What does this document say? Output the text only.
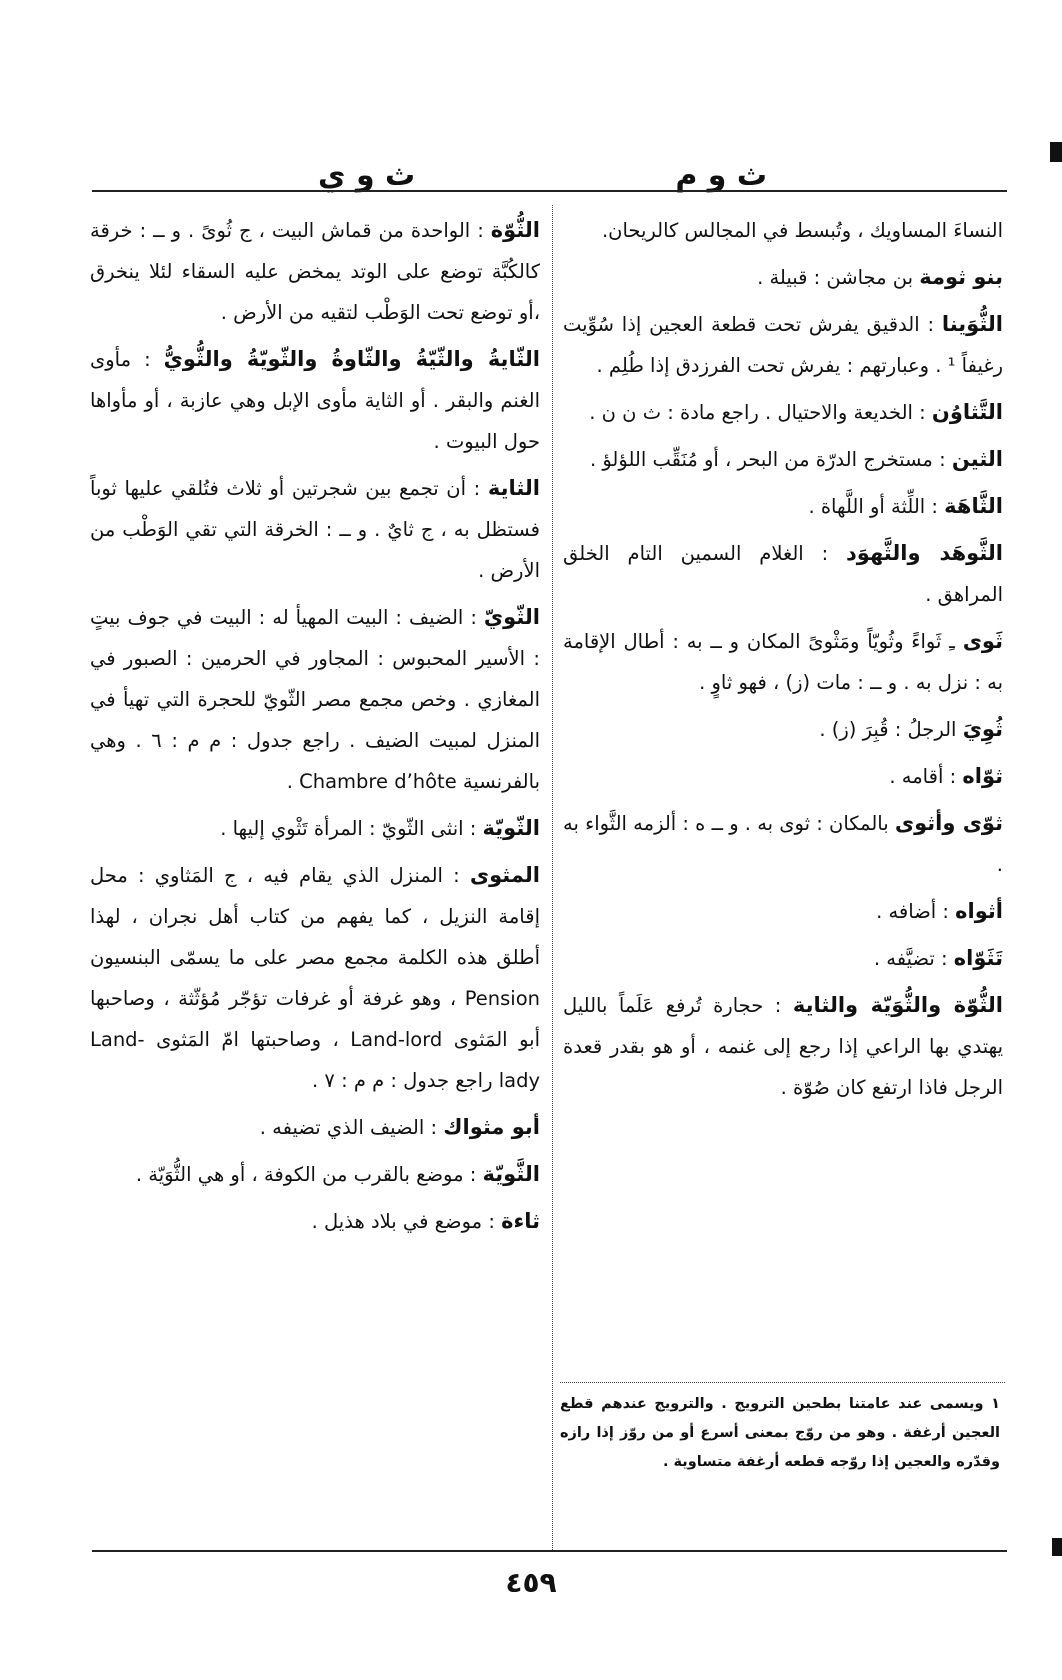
ث و م
ث و ي
النساءَ المساويك ، وتُبسط في المجالس كالريحان.
بنو ثومة بن مجاشن : قبيلة .
الثُّوَينا : الدقيق يفرش تحت قطعة العجين إذا سُوِّيت رغيفاً ¹ . وعبارتهم : يفرش تحت الفرزدق إذا طُلِم .
التَّثاوُن : الخديعة والاحتيال . راجع مادة : ث ن ن .
الثين : مستخرج الدرّة من البحر ، أو مُنَقِّب اللؤلؤ .
الثَّاهَة : اللِّثة أو اللَّهاة .
الثَّوهَد والثَّهوَد : الغلام السمين التام الخلق المراهق .
ثَوى ـِ ثَواءً وثُويّاً ومَثْوىً المكان و ــ به : أطال الإقامة به : نزل به . و ــ : مات (ز) ، فهو ثاوٍ .
ثُوِيَ الرجلُ : قُبِرَ (ز) .
ثوّاه : أقامه .
ثوّى وأثوى بالمكان : ثوى به . و ــ ه : ألزمه الثَّواء به .
أثواه : أضافه .
تَثَوّاه : تضيَّفه .
الثُّوّة والثُّوَيّة والثاية : حجارة تُرفع عَلَماً بالليل يهتدي بها الراعي إذا رجع إلى غنمه ، أو هو بقدر قعدة الرجل فاذا ارتفع كان صُوّة .
الثُّوّة : الواحدة من قماش البيت ، ج ثُوىً . و ــ : خرقة كالكُبَّة توضع على الوتد يمخض عليه السقاء لئلا ينخرق ،أو توضع تحت الوَطْب لتقيه من الأرض .
الثّايةُ والثّيّةُ والثّاوةُ والثّويّةُ والثُّويُّ : مأوى الغنم والبقر . أو الثاية مأوى الإبل وهي عازبة ، أو مأواها حول البيوت .
الثاية : أن تجمع بين شجرتين أو ثلاث فتُلقي عليها ثوباً فستظل به ، ج ثايٌ . و ــ : الخرقة التي تقي الوَطْب من الأرض .
الثّويّ : الضيف : البيت المهيأ له : البيت في جوف بيتٍ : الأسير المحبوس : المجاور في الحرمين : الصبور في المغازي . وخص مجمع مصر الثّويّ للحجرة التي تهيأ في المنزل لمبيت الضيف . راجع جدول : م م : ٦ . وهي بالفرنسية Chambre d’hôte .
الثّويّة : انثى الثّويّ : المرأة تَثْوي إليها .
المثوى : المنزل الذي يقام فيه ، ج المَثاوي : محل إقامة النزيل ، كما يفهم من كتاب أهل نجران ، لهذا أطلق هذه الكلمة مجمع مصر على ما يسمّى البنسيون Pension ، وهو غرفة أو غرفات تؤجّر مُؤثّثة ، وصاحبها أبو المَثوى Land-lord ، وصاحبتها امّ المَثوى Land-lady راجع جدول : م م : ٧ .
أبو مثواك : الضيف الذي تضيفه .
الثَّويّة : موضع بالقرب من الكوفة ، أو هي الثُّوَيّة .
ثاءة : موضع في بلاد هذيل .
١ ويسمى عند عامتنا بطحين الترويج . والترويج عندهم قطع العجين أرغفة . وهو من روّج بمعنى أسرع أو من روّز إذا رازه وقدّره والعجين إذا روّجه قطعه أرغفة متساوية .
٤٥٩
